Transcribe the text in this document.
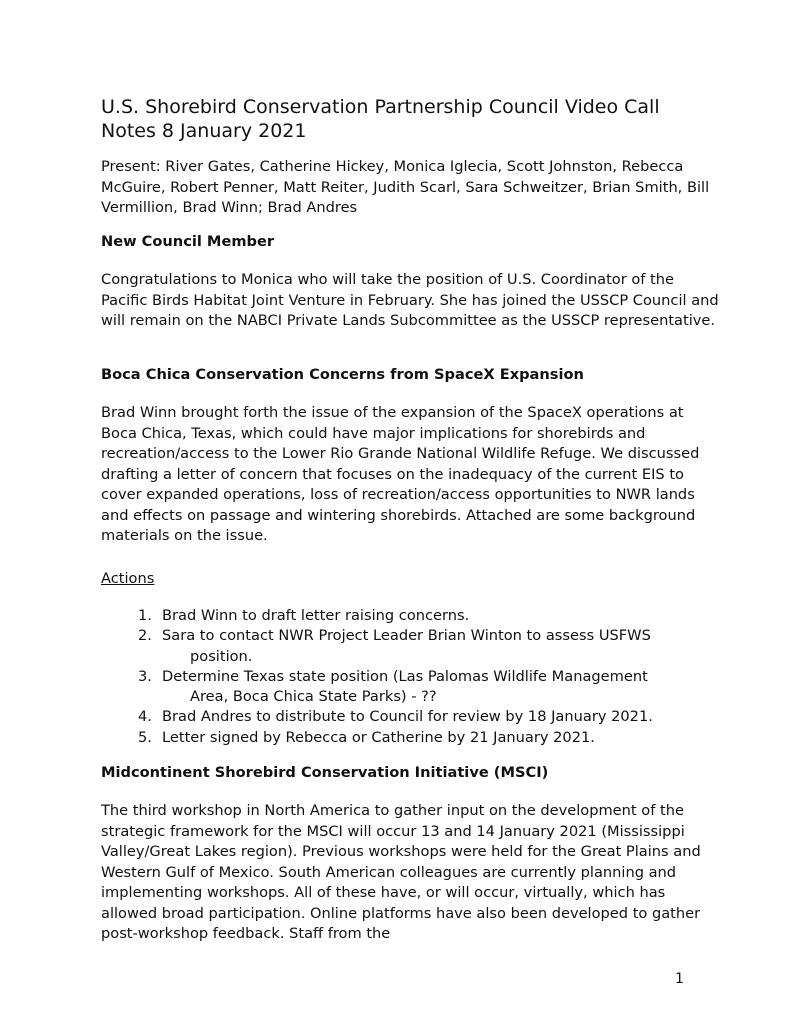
U.S. Shorebird Conservation Partnership Council Video Call
Notes 8 January 2021

Present: River Gates, Catherine Hickey, Monica Iglecia, Scott Johnston, Rebecca McGuire, Robert Penner, Matt Reiter, Judith Scarl, Sara Schweitzer, Brian Smith, Bill Vermillion, Brad Winn; Brad Andres

New Council Member

Congratulations to Monica who will take the position of U.S. Coordinator of the Pacific Birds Habitat Joint Venture in February. She has joined the USSCP Council and will remain on the NABCI Private Lands Subcommittee as the USSCP representative.

Boca Chica Conservation Concerns from SpaceX Expansion

Brad Winn brought forth the issue of the expansion of the SpaceX operations at Boca Chica, Texas, which could have major implications for shorebirds and recreation/access to the Lower Rio Grande National Wildlife Refuge. We discussed drafting a letter of concern that focuses on the inadequacy of the current EIS to cover expanded operations, loss of recreation/access opportunities to NWR lands and effects on passage and wintering shorebirds. Attached are some background materials on the issue.

Actions
1. Brad Winn to draft letter raising concerns.
2. Sara to contact NWR Project Leader Brian Winton to assess USFWS
position.
3. Determine Texas state position (Las Palomas Wildlife Management
Area, Boca Chica State Parks) - ??
4. Brad Andres to distribute to Council for review by 18 January 2021.
5. Letter signed by Rebecca or Catherine by 21 January 2021.
Midcontinent Shorebird Conservation Initiative (MSCI)

The third workshop in North America to gather input on the development of the strategic framework for the MSCI will occur 13 and 14 January 2021 (Mississippi Valley/Great Lakes region). Previous workshops were held for the Great Plains and Western Gulf of Mexico. South American colleagues are currently planning and implementing workshops. All of these have, or will occur, virtually, which has allowed broad participation. Online platforms have also been developed to gather post-workshop feedback. Staff from the

1
